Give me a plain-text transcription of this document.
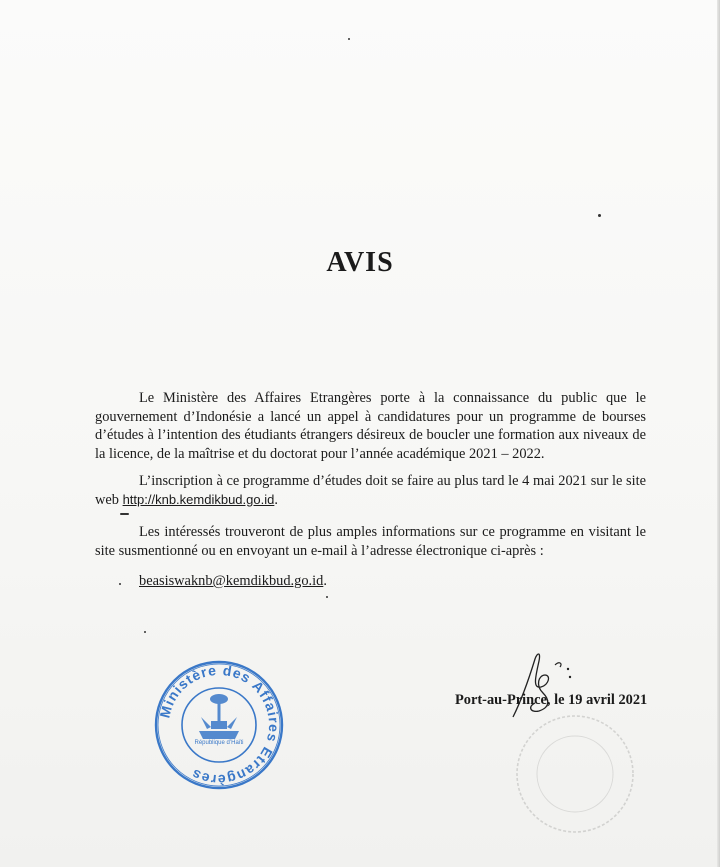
AVIS

Le Ministère des Affaires Etrangères porte à la connaissance du public que le gouvernement d’Indonésie a lancé un appel à candidatures pour un programme de bourses d’études à l’intention des étudiants étrangers désireux de boucler une formation aux niveaux de la licence, de la maîtrise et du doctorat pour l’année académique 2021 – 2022.

L’inscription à ce programme d’études doit se faire au plus tard le 4 mai 2021 sur le site web http://knb.kemdikbud.go.id.

Les intéressés trouveront de plus amples informations sur ce programme en visitant le site susmentionné ou en envoyant un e-mail à l’adresse électronique ci-après :

beasiswaknb@kemdikbud.go.id.

Port-au-Prince, le 19 avril 2021
Ministère des Affaires Etrangères
République d’Haïti
